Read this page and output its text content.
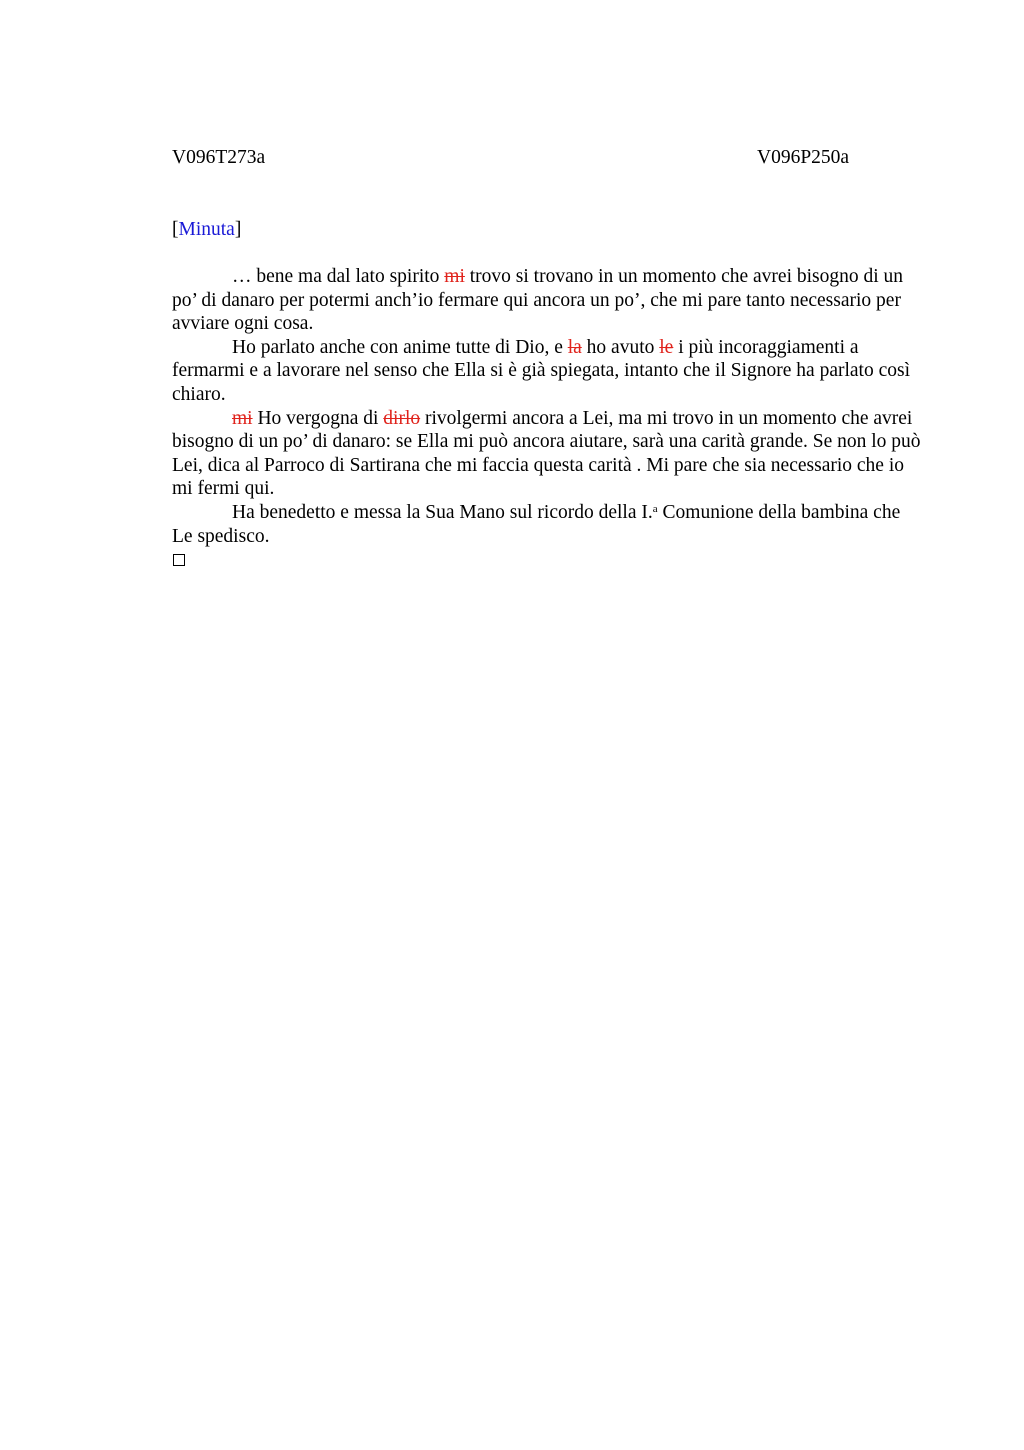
V096T273a	V096P250a
[Minuta]

… bene ma dal lato spirito mi trovo si trovano in un momento che avrei bisogno di un po’ di danaro per potermi anch’io fermare qui ancora un po’, che mi pare tanto necessario per avviare ogni cosa.

Ho parlato anche con anime tutte di Dio, e la ho avuto le i più incoraggiamenti a fermarmi e a lavorare nel senso che Ella si è già spiegata, intanto che il Signore ha parlato così chiaro.

mi Ho vergogna di dirlo rivolgermi ancora a Lei, ma mi trovo in un momento che avrei bisogno di un po’ di danaro: se Ella mi può ancora aiutare, sarà una carità grande. Se non lo può Lei, dica al Parroco di Sartirana che mi faccia questa carità . Mi pare che sia necessario che io mi fermi qui.

Ha benedetto e messa la Sua Mano sul ricordo della I.$^a$ Comunione della bambina che Le spedisco.
